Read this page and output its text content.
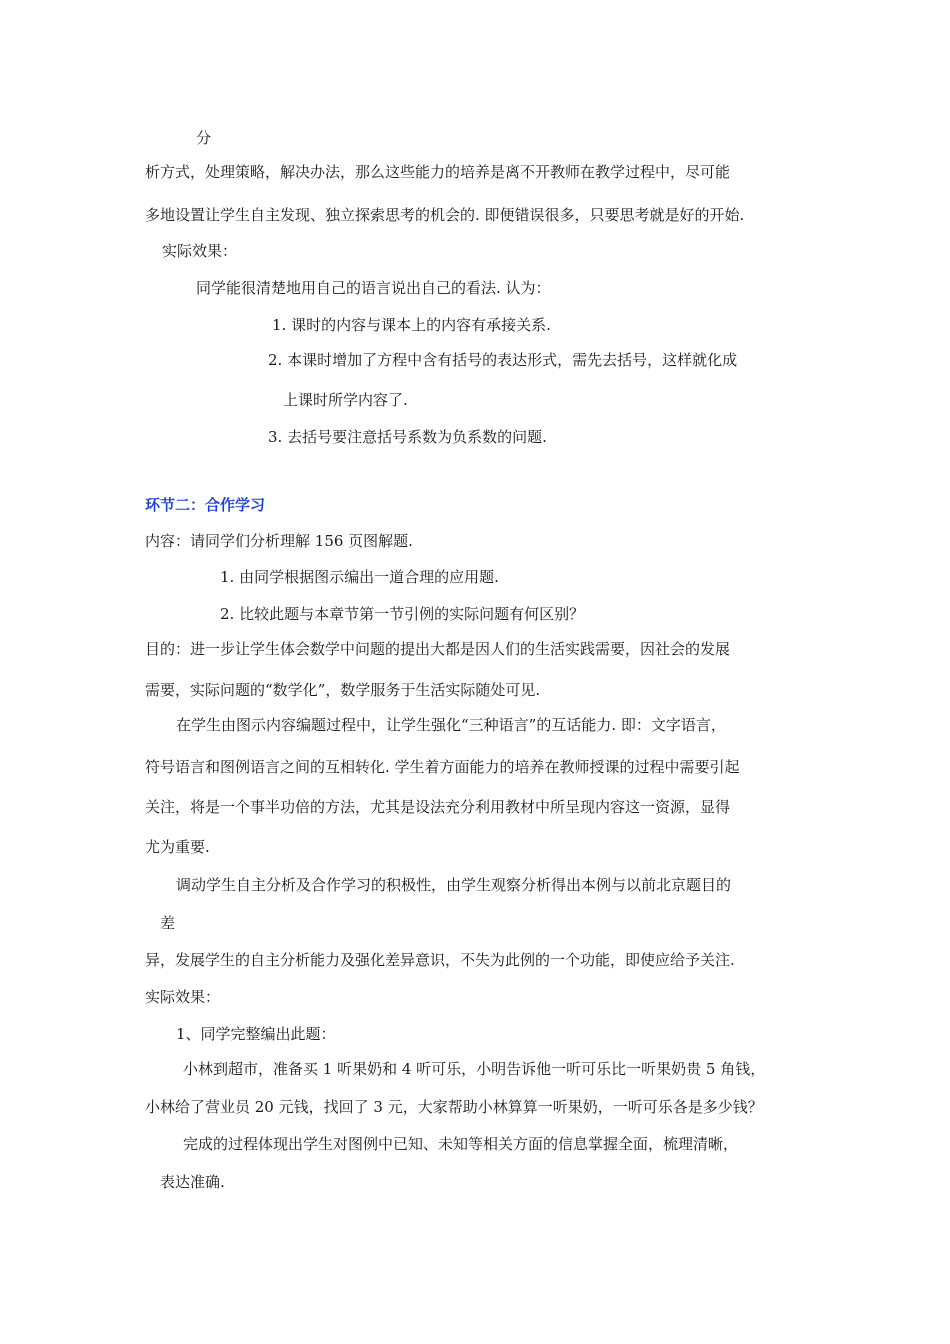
分
析方式，处理策略，解决办法，那么这些能力的培养是离不开教师在教学过程中，尽可能
多地设置让学生自主发现、独立探索思考的机会的. 即便错误很多，只要思考就是好的开始.
实际效果：
同学能很清楚地用自己的语言说出自己的看法. 认为：
1. 课时的内容与课本上的内容有承接关系.
2. 本课时增加了方程中含有括号的表达形式，需先去括号，这样就化成
上课时所学内容了.
3. 去括号要注意括号系数为负系数的问题.
环节二：合作学习
内容：请同学们分析理解 156 页图解题.
1. 由同学根据图示编出一道合理的应用题.
2. 比较此题与本章节第一节引例的实际问题有何区别？
目的：进一步让学生体会数学中问题的提出大都是因人们的生活实践需要，因社会的发展
需要，实际问题的“数学化”，数学服务于生活实际随处可见.
在学生由图示内容编题过程中，让学生强化“三种语言”的互话能力. 即：文字语言，
符号语言和图例语言之间的互相转化. 学生着方面能力的培养在教师授课的过程中需要引起
关注，将是一个事半功倍的方法，尤其是设法充分利用教材中所呈现内容这一资源，显得
尤为重要.
调动学生自主分析及合作学习的积极性，由学生观察分析得出本例与以前北京题目的
差
异，发展学生的自主分析能力及强化差异意识，不失为此例的一个功能，即使应给予关注.
实际效果：
1、同学完整编出此题：
小林到超市，准备买 1 听果奶和 4 听可乐，小明告诉他一听可乐比一听果奶贵 5 角钱，
小林给了营业员 20 元钱，找回了 3 元，大家帮助小林算算一听果奶，一听可乐各是多少钱？
完成的过程体现出学生对图例中已知、未知等相关方面的信息掌握全面，梳理清晰，
表达准确.
